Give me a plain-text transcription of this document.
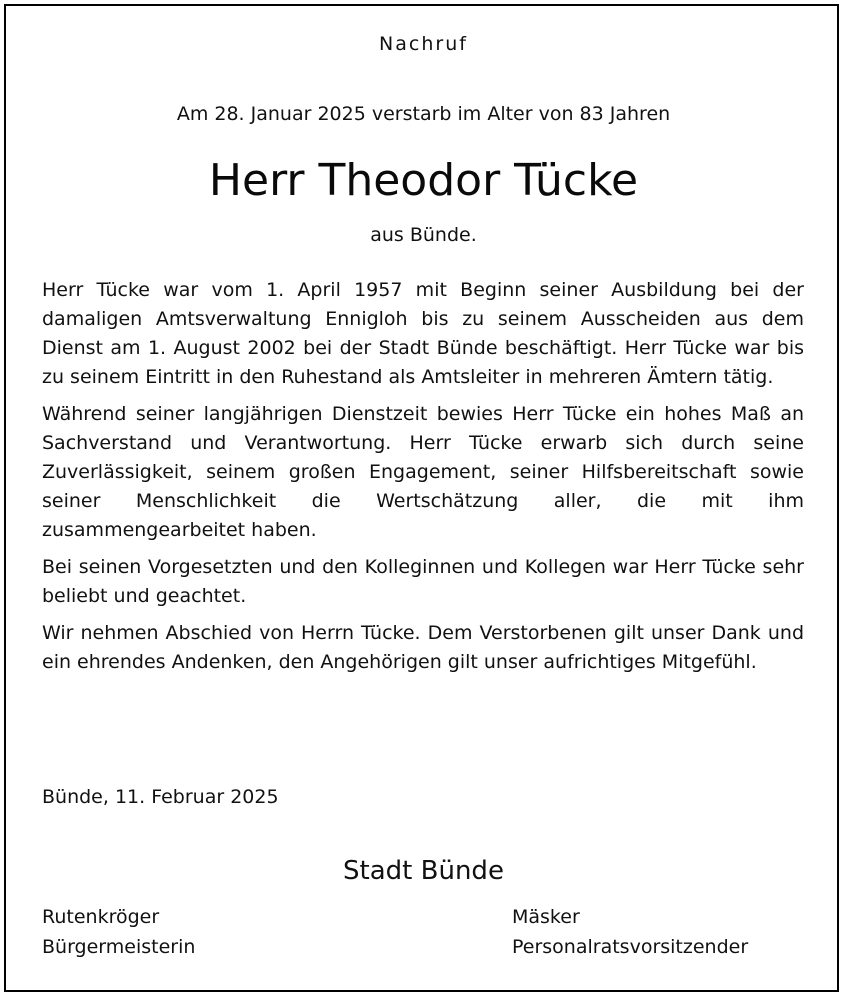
Nachruf
Am 28. Januar 2025 verstarb im Alter von 83 Jahren
Herr Theodor Tücke
aus Bünde.

Herr Tücke war vom 1. April 1957 mit Beginn seiner Ausbildung bei der damaligen Amtsverwaltung Ennigloh bis zu seinem Ausscheiden aus dem Dienst am 1. August 2002 bei der Stadt Bünde beschäftigt. Herr Tücke war bis zu seinem Eintritt in den Ruhestand als Amtsleiter in mehreren Ämtern tätig.

Während seiner langjährigen Dienstzeit bewies Herr Tücke ein hohes Maß an Sachverstand und Verantwortung. Herr Tücke erwarb sich durch seine Zuverlässigkeit, seinem großen Engagement, seiner Hilfsbereitschaft sowie seiner Menschlichkeit die Wertschätzung aller, die mit ihm zusammengearbeitet haben.

Bei seinen Vorgesetzten und den Kolleginnen und Kollegen war Herr Tücke sehr beliebt und geachtet.

Wir nehmen Abschied von Herrn Tücke. Dem Verstorbenen gilt unser Dank und ein ehrendes Andenken, den Angehörigen gilt unser aufrichtiges Mitgefühl.

Bünde, 11. Februar 2025
Stadt Bünde
Rutenkröger
Bürgermeisterin
Mäsker
Personalratsvorsitzender
